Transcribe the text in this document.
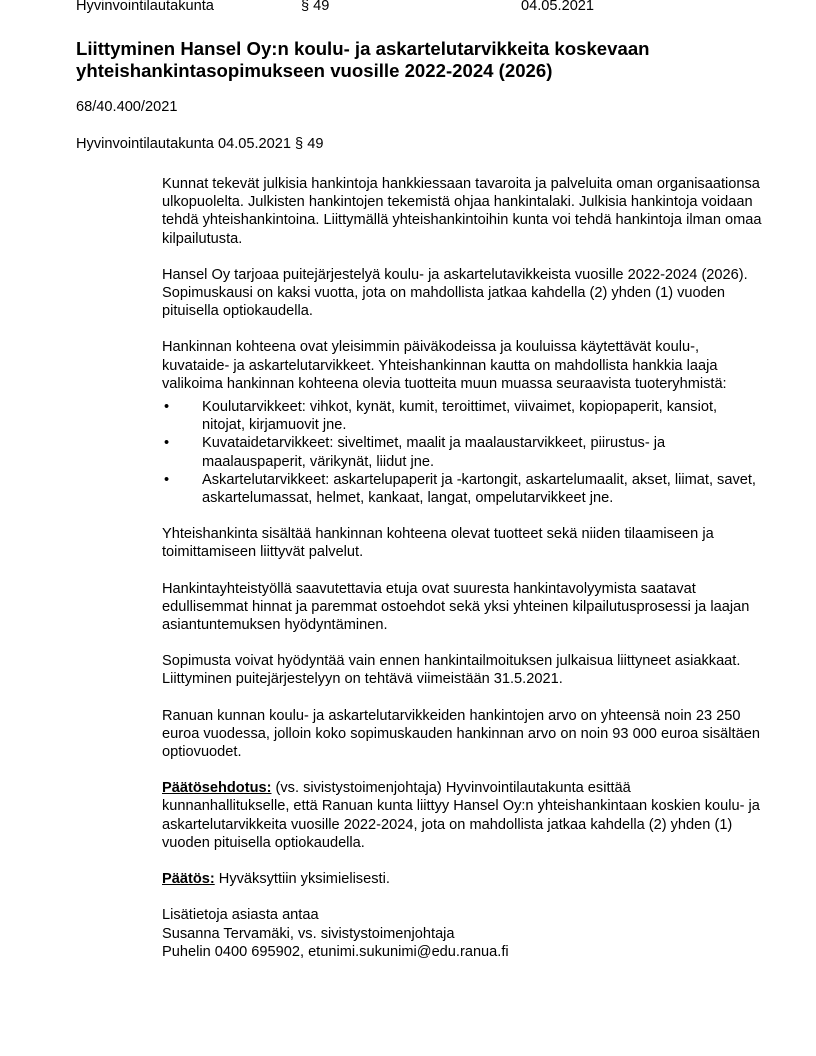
Hyvinvointilautakunta	§ 49	04.05.2021
Liittyminen Hansel Oy:n koulu- ja askartelutarvikkeita koskevaan
yhteishankintasopimukseen vuosille 2022-2024 (2026)
68/40.400/2021
Hyvinvointilautakunta 04.05.2021 § 49

Kunnat tekevät julkisia hankintoja hankkiessaan tavaroita ja palveluita oman organisaationsa ulkopuolelta. Julkisten hankintojen tekemistä ohjaa hankintalaki. Julkisia hankintoja voidaan tehdä yhteishankintoina. Liittymällä yhteishankintoihin kunta voi tehdä hankintoja ilman omaa kilpailutusta.

Hansel Oy tarjoaa puitejärjestelyä koulu- ja askartelutavikkeista vuosille 2022-2024 (2026). Sopimuskausi on kaksi vuotta, jota on mahdollista jatkaa kahdella (2) yhden (1) vuoden pituisella optiokaudella.

Hankinnan kohteena ovat yleisimmin päiväkodeissa ja kouluissa käytettävät koulu-, kuvataide- ja askartelutarvikkeet. Yhteishankinnan kautta on mahdollista hankkia laaja valikoima hankinnan kohteena olevia tuotteita muun muassa seuraavista tuoteryhmistä:

• Koulutarvikkeet: vihkot, kynät, kumit, teroittimet, viivaimet, kopiopaperit, kansiot, nitojat, kirjamuovit jne.
• Kuvataidetarvikkeet: siveltimet, maalit ja maalaustarvikkeet, piirustus- ja maalauspaperit, värikynät, liidut jne.
• Askartelutarvikkeet: askartelupaperit ja -kartongit, askartelumaalit, akset, liimat, savet, askartelumassat, helmet, kankaat, langat, ompelutarvikkeet jne.

Yhteishankinta sisältää hankinnan kohteena olevat tuotteet sekä niiden tilaamiseen ja toimittamiseen liittyvät palvelut.

Hankintayhteistyöllä saavutettavia etuja ovat suuresta hankintavolyymista saatavat edullisemmat hinnat ja paremmat ostoehdot sekä yksi yhteinen kilpailutusprosessi ja laajan asiantuntemuksen hyödyntäminen.

Sopimusta voivat hyödyntää vain ennen hankintailmoituksen julkaisua liittyneet asiakkaat. Liittyminen puitejärjestelyyn on tehtävä viimeistään 31.5.2021.

Ranuan kunnan koulu- ja askartelutarvikkeiden hankintojen arvo on yhteensä noin 23 250 euroa vuodessa, jolloin koko sopimuskauden hankinnan arvo on noin 93 000 euroa sisältäen optiovuodet.

Päätösehdotus: (vs. sivistystoimenjohtaja) Hyvinvointilautakunta esittää kunnanhallitukselle, että Ranuan kunta liittyy Hansel Oy:n yhteishankintaan koskien koulu- ja askartelutarvikkeita vuosille 2022-2024, jota on mahdollista jatkaa kahdella (2) yhden (1) vuoden pituisella optiokaudella.

Päätös: Hyväksyttiin yksimielisesti.

Lisätietoja asiasta antaa
Susanna Tervamäki, vs. sivistystoimenjohtaja
Puhelin 0400 695902, etunimi.sukunimi@edu.ranua.fi
